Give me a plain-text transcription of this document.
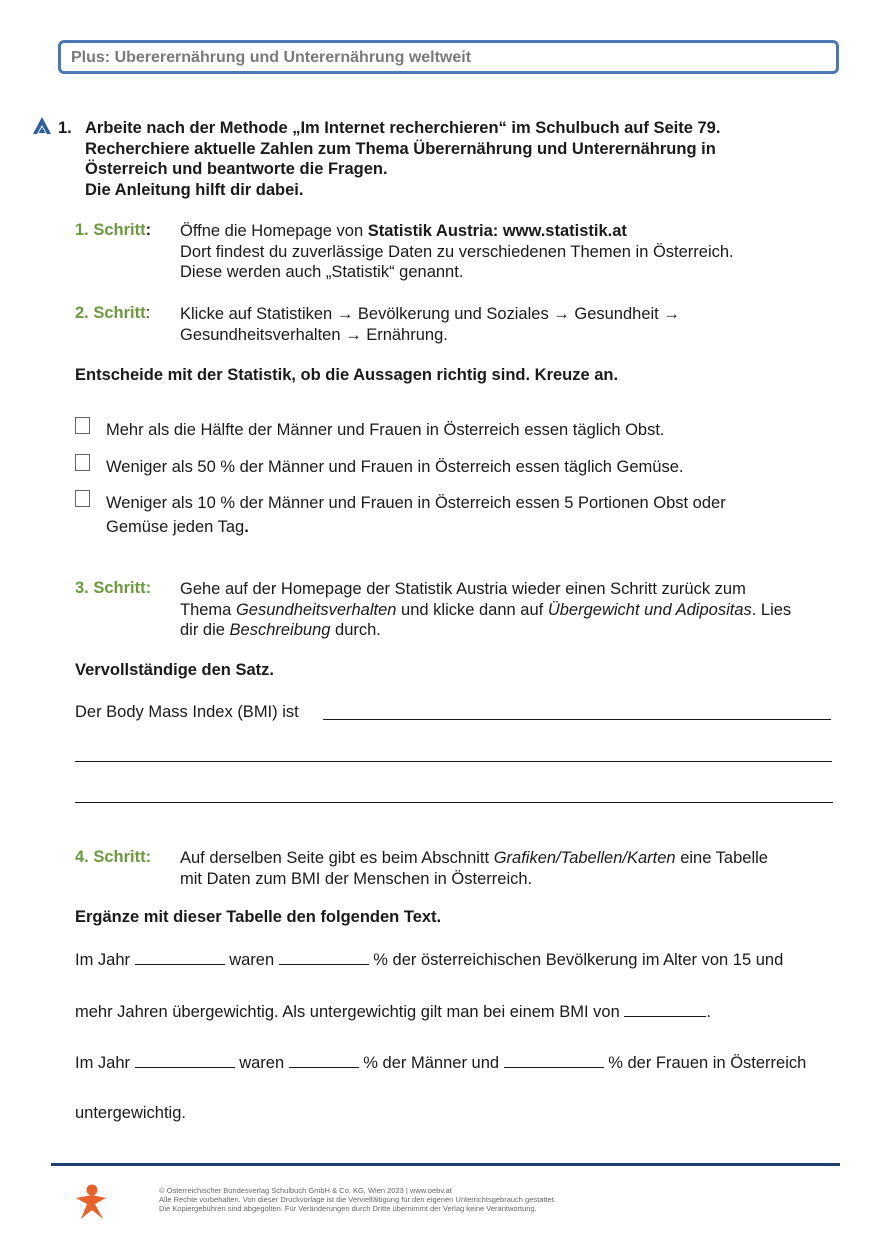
Plus: Ubererernährung und Unterernährung weltweit
1. Arbeite nach der Methode „Im Internet recherchieren“ im Schulbuch auf Seite 79.
Recherchiere aktuelle Zahlen zum Thema Überernährung und Unterernährung in
Österreich und beantworte die Fragen.
Die Anleitung hilft dir dabei.
1. Schritt: Öffne die Homepage von Statistik Austria: www.statistik.at
Dort findest du zuverlässige Daten zu verschiedenen Themen in Österreich.
Diese werden auch „Statistik“ genannt.
2. Schritt: Klicke auf Statistiken → Bevölkerung und Soziales → Gesundheit →
Gesundheitsverhalten → Ernährung.
Entscheide mit der Statistik, ob die Aussagen richtig sind. Kreuze an.
Mehr als die Hälfte der Männer und Frauen in Österreich essen täglich Obst.
Weniger als 50 % der Männer und Frauen in Österreich essen täglich Gemüse.
Weniger als 10 % der Männer und Frauen in Österreich essen 5 Portionen Obst oder
Gemüse jeden Tag.
3. Schritt: Gehe auf der Homepage der Statistik Austria wieder einen Schritt zurück zum
Thema Gesundheitsverhalten und klicke dann auf Übergewicht und Adipositas. Lies
dir die Beschreibung durch.
Vervollständige den Satz.
Der Body Mass Index (BMI) ist
4. Schritt: Auf derselben Seite gibt es beim Abschnitt Grafiken/Tabellen/Karten eine Tabelle
mit Daten zum BMI der Menschen in Österreich.
Ergänze mit dieser Tabelle den folgenden Text.
Im Jahr	waren	% der österreichischen Bevölkerung im Alter von 15 und
mehr Jahren übergewichtig. Als untergewichtig gilt man bei einem BMI von	.
Im Jahr	waren	% der Männer und	% der Frauen in Österreich
untergewichtig.
© Österreichischer Bundesverlag Schulbuch GmbH & Co. KG, Wien 2023 | www.oebv.at
Alle Rechte vorbehalten. Von dieser Druckvorlage ist die Vervielfältigung für den eigenen Unterrichtsgebrauch gestattet.
Die Kopiergebühren sind abgegolten. Für Veränderungen durch Dritte übernimmt der Verlag keine Verantwortung.
